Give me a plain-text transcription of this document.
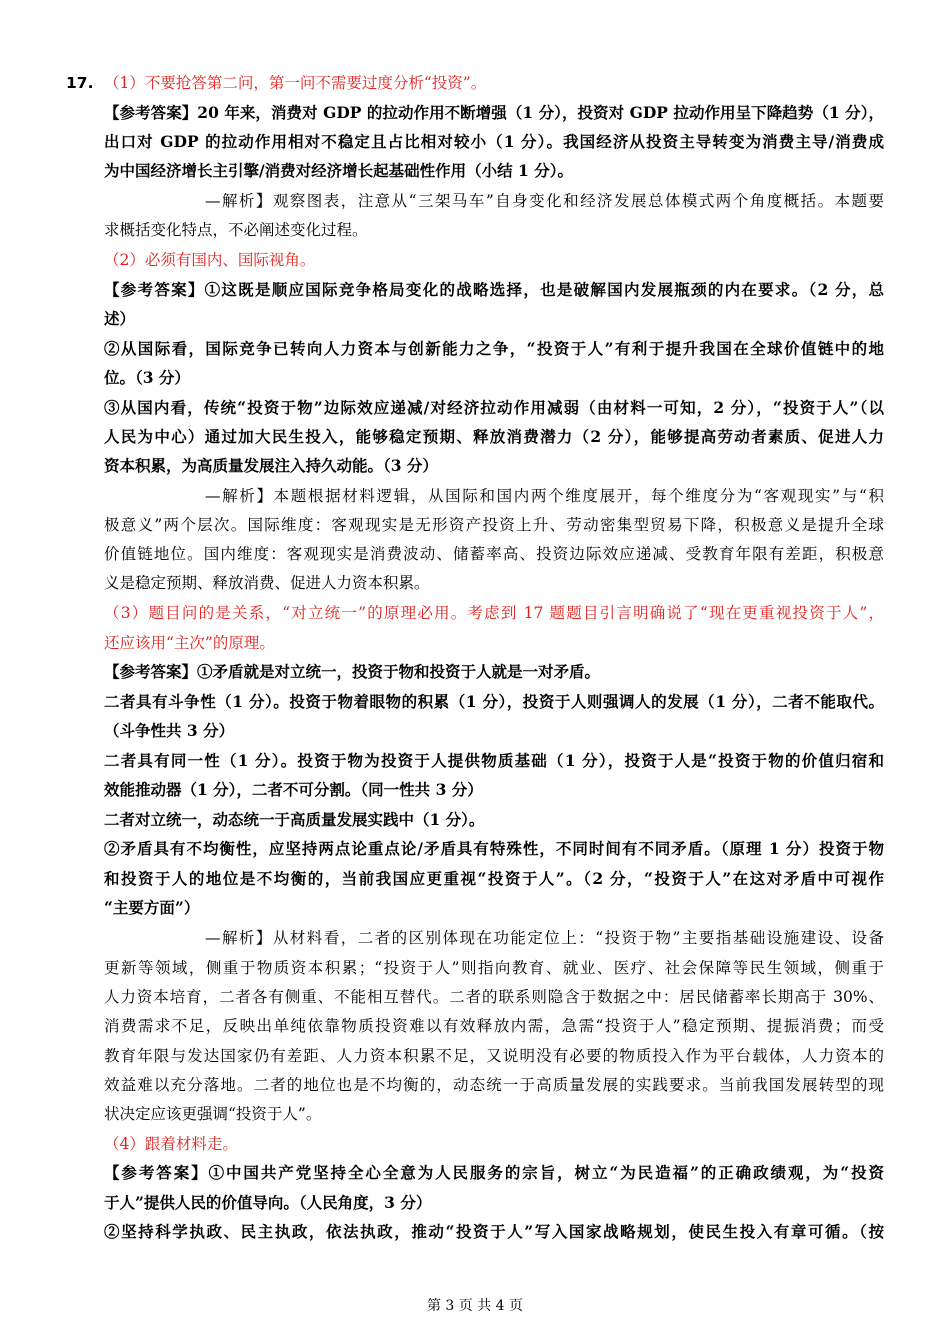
17. （1）不要抢答第二问，第一问不需要过度分析“投资”。
【参考答案】20 年来，消费对 GDP 的拉动作用不断增强（1 分），投资对 GDP 拉动作用呈下降趋势（1 分），
出口对 GDP 的拉动作用相对不稳定且占比相对较小（1 分）。我国经济从投资主导转变为消费主导/消费成
为中国经济增长主引擎/消费对经济增长起基础性作用（小结 1 分）。
—解析】观察图表，注意从“三架马车”自身变化和经济发展总体模式两个角度概括。本题要
求概括变化特点，不必阐述变化过程。
（2）必须有国内、国际视角。
【参考答案】①这既是顺应国际竞争格局变化的战略选择，也是破解国内发展瓶颈的内在要求。（2 分，总
述）
②从国际看，国际竞争已转向人力资本与创新能力之争，“投资于人”有利于提升我国在全球价值链中的地
位。（3 分）
③从国内看，传统“投资于物”边际效应递减/对经济拉动作用减弱（由材料一可知，2 分），“投资于人”（以
人民为中心）通过加大民生投入，能够稳定预期、释放消费潜力（2 分），能够提高劳动者素质、促进人力
资本积累，为高质量发展注入持久动能。（3 分）
—解析】本题根据材料逻辑，从国际和国内两个维度展开，每个维度分为“客观现实”与“积
极意义”两个层次。国际维度：客观现实是无形资产投资上升、劳动密集型贸易下降，积极意义是提升全球
价值链地位。国内维度：客观现实是消费波动、储蓄率高、投资边际效应递减、受教育年限有差距，积极意
义是稳定预期、释放消费、促进人力资本积累。
（3）题目问的是关系，“对立统一”的原理必用。考虑到 17 题题目引言明确说了“现在更重视投资于人”，
还应该用“主次”的原理。
【参考答案】①矛盾就是对立统一，投资于物和投资于人就是一对矛盾。
二者具有斗争性（1 分）。投资于物着眼物的积累（1 分），投资于人则强调人的发展（1 分），二者不能取代。
（斗争性共 3 分）
二者具有同一性（1 分）。投资于物为投资于人提供物质基础（1 分），投资于人是“投资于物的价值归宿和
效能推动器（1 分），二者不可分割。（同一性共 3 分）
二者对立统一，动态统一于高质量发展实践中（1 分）。
②矛盾具有不均衡性，应坚持两点论重点论/矛盾具有特殊性，不同时间有不同矛盾。（原理 1 分）投资于物
和投资于人的地位是不均衡的，当前我国应更重视“投资于人”。（2 分，“投资于人”在这对矛盾中可视作
“主要方面”）
—解析】从材料看，二者的区别体现在功能定位上：“投资于物”主要指基础设施建设、设备
更新等领域，侧重于物质资本积累；“投资于人”则指向教育、就业、医疗、社会保障等民生领域，侧重于
人力资本培育，二者各有侧重、不能相互替代。二者的联系则隐含于数据之中：居民储蓄率长期高于 30%、
消费需求不足，反映出单纯依靠物质投资难以有效释放内需，急需“投资于人”稳定预期、提振消费；而受
教育年限与发达国家仍有差距、人力资本积累不足，又说明没有必要的物质投入作为平台载体，人力资本的
效益难以充分落地。二者的地位也是不均衡的，动态统一于高质量发展的实践要求。当前我国发展转型的现
状决定应该更强调“投资于人”。
（4）跟着材料走。
【参考答案】①中国共产党坚持全心全意为人民服务的宗旨，树立“为民造福”的正确政绩观，为“投资
于人”提供人民的价值导向。（人民角度，3 分）
②坚持科学执政、民主执政，依法执政，推动“投资于人”写入国家战略规划，使民生投入有章可循。（按
第 3 页 共 4 页
